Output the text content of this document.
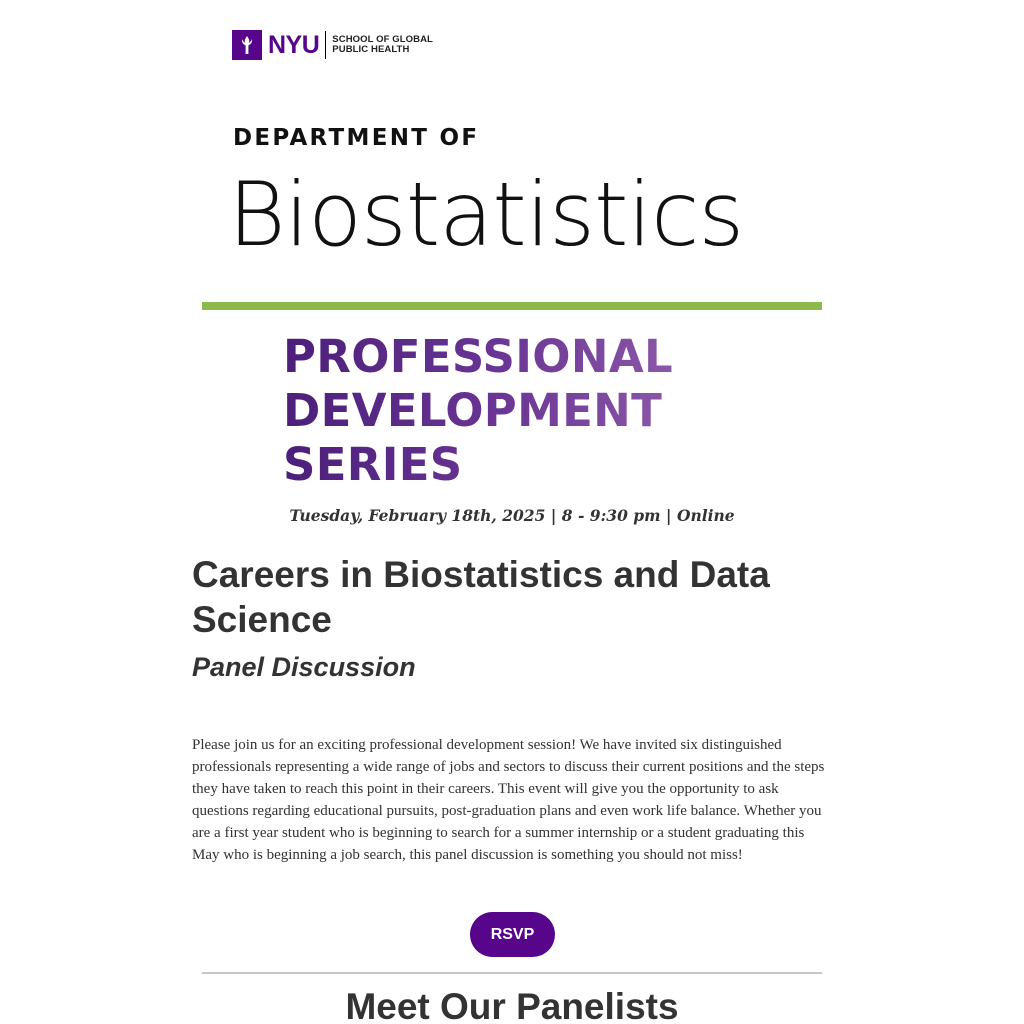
NYU SCHOOL OF GLOBAL
PUBLIC HEALTH
DEPARTMENT OF
Biostatistics
PROFESSIONAL
DEVELOPMENT
SERIES
Tuesday, February 18th, 2025 | 8 - 9:30 pm | Online
Careers in Biostatistics and Data Science
Panel Discussion

Please join us for an exciting professional development session! We have invited six distinguished professionals representing a wide range of jobs and sectors to discuss their current positions and the steps they have taken to reach this point in their careers. This event will give you the opportunity to ask questions regarding educational pursuits, post-graduation plans and even work life balance. Whether you are a first year student who is beginning to search for a summer internship or a student graduating this May who is beginning a job search, this panel discussion is something you should not miss!

RSVP
Meet Our Panelists
